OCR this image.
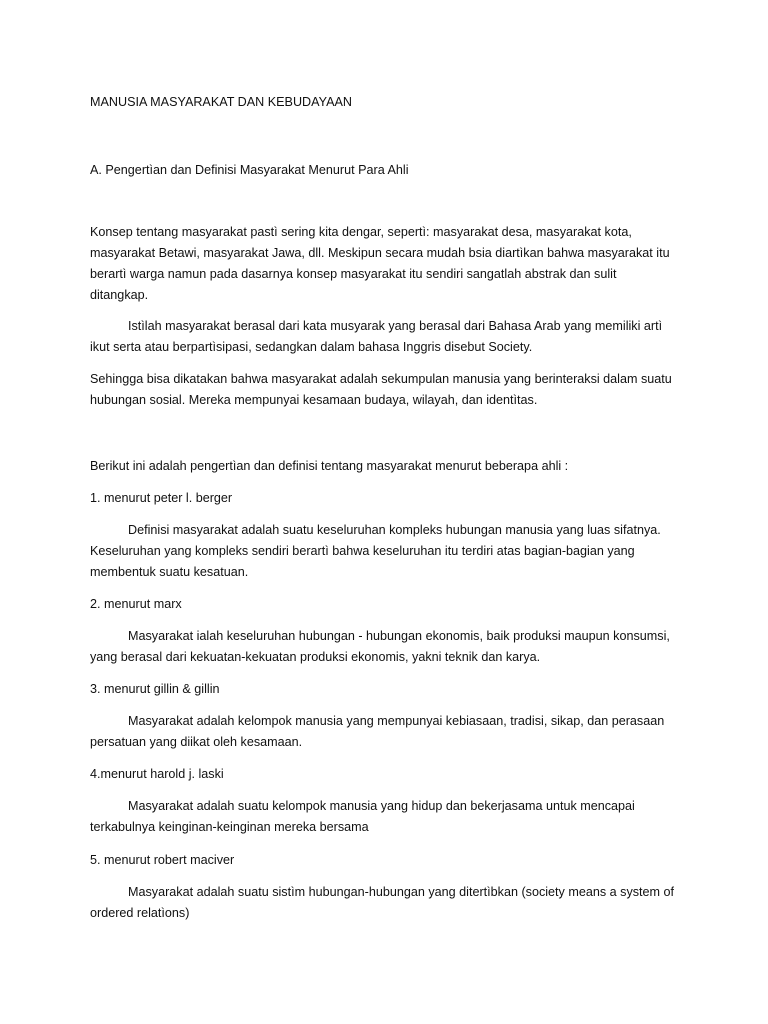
MANUSIA MASYARAKAT DAN KEBUDAYAAN
A. Pengertìan dan Definisi Masyarakat Menurut Para Ahli
Konsep tentang masyarakat pastì sering kita dengar, sepertì: masyarakat desa, masyarakat kota,
masyarakat Betawi, masyarakat Jawa, dll. Meskipun secara mudah bsia diartìkan bahwa masyarakat itu
berartì warga namun pada dasarnya konsep masyarakat itu sendiri sangatlah abstrak dan sulit
ditangkap.
Istìlah masyarakat berasal dari kata musyarak yang berasal dari Bahasa Arab yang memiliki artì
ikut serta atau berpartìsipasi, sedangkan dalam bahasa Inggris disebut Society.
Sehingga bisa dikatakan bahwa masyarakat adalah sekumpulan manusia yang berinteraksi dalam suatu
hubungan sosial. Mereka mempunyai kesamaan budaya, wilayah, dan identìtas.
Berikut ini adalah pengertìan dan definisi tentang masyarakat menurut beberapa ahli :
1. menurut peter l. berger
Definisi masyarakat adalah suatu keseluruhan kompleks hubungan manusia yang luas sifatnya.
Keseluruhan yang kompleks sendiri berartì bahwa keseluruhan itu terdiri atas bagian-bagian yang
membentuk suatu kesatuan.
2. menurut marx
Masyarakat ialah keseluruhan hubungan - hubungan ekonomis, baik produksi maupun konsumsi,
yang berasal dari kekuatan-kekuatan produksi ekonomis, yakni teknik dan karya.
3. menurut gillin & gillin
Masyarakat adalah kelompok manusia yang mempunyai kebiasaan, tradisi, sikap, dan perasaan
persatuan yang diikat oleh kesamaan.
4.menurut harold j. laski
Masyarakat adalah suatu kelompok manusia yang hidup dan bekerjasama untuk mencapai
terkabulnya keinginan-keinginan mereka bersama
5. menurut robert maciver
Masyarakat adalah suatu sistìm hubungan-hubungan yang ditertìbkan (society means a system of
ordered relatìons)
